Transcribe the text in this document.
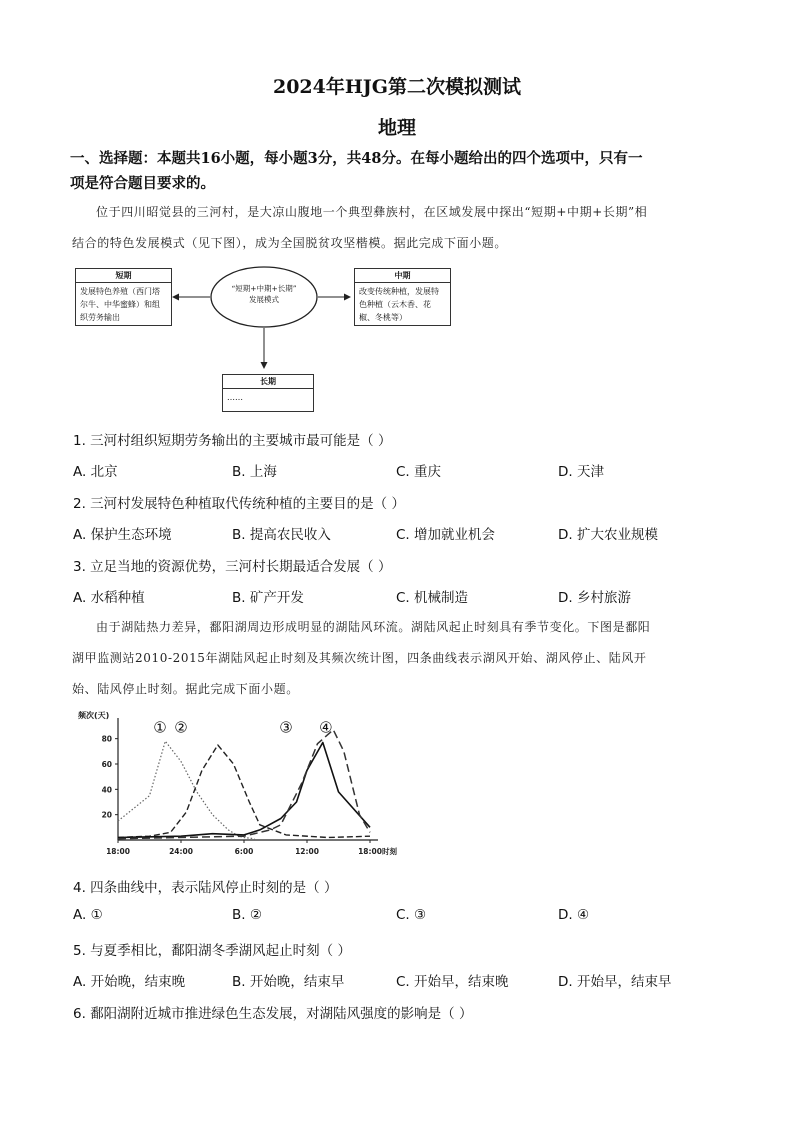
2024年HJG第二次模拟测试
地理
一、选择题：本题共16小题，每小题3分，共48分。在每小题给出的四个选项中，只有一
项是符合题目要求的。
位于四川昭觉县的三河村，是大凉山腹地一个典型彝族村，在区域发展中探出“短期+中期+长期”相
结合的特色发展模式（见下图），成为全国脱贫攻坚楷模。据此完成下面小题。
“短期+中期+长期”
发展模式
短期
发展特色养殖（西门塔尔牛、中华蜜蜂）和组织劳务输出
中期
改变传统种植，发展特色种植（云木香、花椒、冬桃等）
长期
……
1. 三河村组织短期劳务输出的主要城市最可能是（ ）
A. 北京	B. 上海	C. 重庆	D. 天津
2. 三河村发展特色种植取代传统种植的主要目的是（ ）
A. 保护生态环境	B. 提高农民收入	C. 增加就业机会	D. 扩大农业规模
3. 立足当地的资源优势，三河村长期最适合发展（ ）
A. 水稻种植	B. 矿产开发	C. 机械制造	D. 乡村旅游
由于湖陆热力差异，鄱阳湖周边形成明显的湖陆风环流。湖陆风起止时刻具有季节变化。下图是鄱阳
湖甲监测站2010-2015年湖陆风起止时刻及其频次统计图，四条曲线表示湖风开始、湖风停止、陆风开
始、陆风停止时刻。据此完成下面小题。
频次(天)
20
40
60
80
18:00	24:00	6:00	12:00	18:00 时刻
① ②	③ ④
4. 四条曲线中，表示陆风停止时刻的是（ ）
A. ①	B. ②	C. ③	D. ④
5. 与夏季相比，鄱阳湖冬季湖风起止时刻（ ）
A. 开始晚，结束晚	B. 开始晚，结束早	C. 开始早，结束晚	D. 开始早，结束早
6. 鄱阳湖附近城市推进绿色生态发展，对湖陆风强度的影响是（ ）
